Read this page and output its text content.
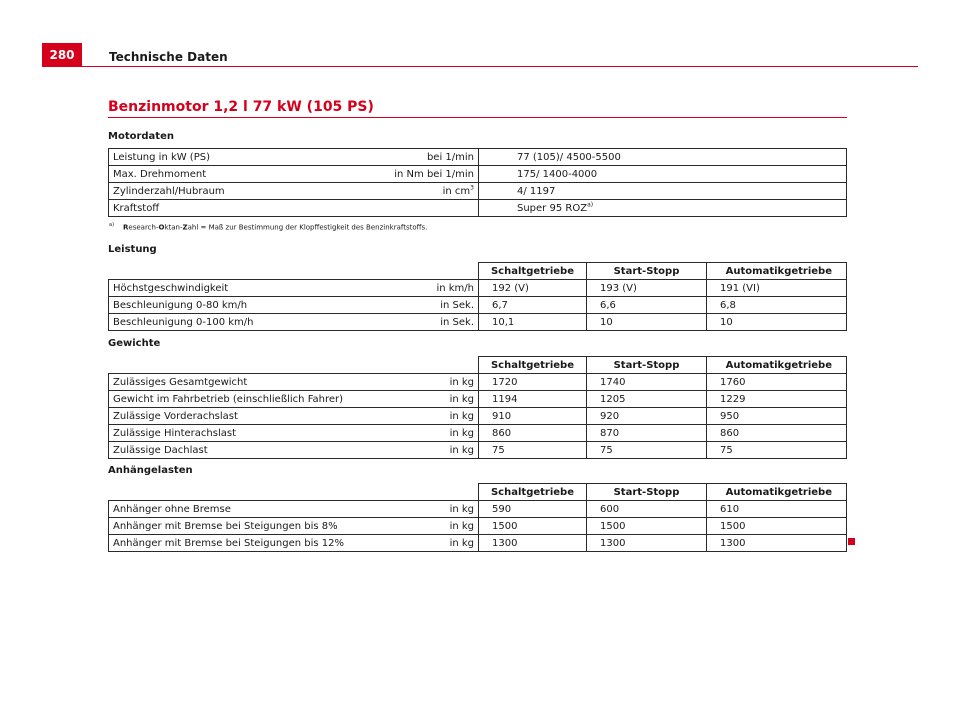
280	Technische Daten
Benzinmotor 1,2 l 77 kW (105 PS)
Motordaten
Leistung in kW (PS) bei 1/min	77 (105)/ 4500-5500

Max. Drehmoment in Nm bei 1/min	175/ 1400-4000

Zylinderzahl/Hubraum in $cm^3$	4/ 1197

Kraftstoff	Super 95 ROZ$^{a)}$
$^{a)}$ Research-Oktan-Zahl = Maß zur Bestimmung der Klopffestigkeit des Benzinkraftstoffs.
Leistung
	Schaltgetriebe	Start-Stopp	Automatikgetriebe

Höchstgeschwindigkeit in km/h	192 (V)	193 (V)	191 (VI)

Beschleunigung 0-80 km/h in Sek.	6,7	6,6	6,8

Beschleunigung 0-100 km/h in Sek.	10,1	10	10
Gewichte
	Schaltgetriebe	Start-Stopp	Automatikgetriebe

Zulässiges Gesamtgewicht in kg	1720	1740	1760

Gewicht im Fahrbetrieb (einschließlich Fahrer) in kg	1194	1205	1229

Zulässige Vorderachslast in kg	910	920	950

Zulässige Hinterachslast in kg	860	870	860

Zulässige Dachlast in kg	75	75	75
Anhängelasten
	Schaltgetriebe	Start-Stopp	Automatikgetriebe

Anhänger ohne Bremse in kg	590	600	610

Anhänger mit Bremse bei Steigungen bis 8% in kg	1500	1500	1500

Anhänger mit Bremse bei Steigungen bis 12% in kg	1300	1300	1300
